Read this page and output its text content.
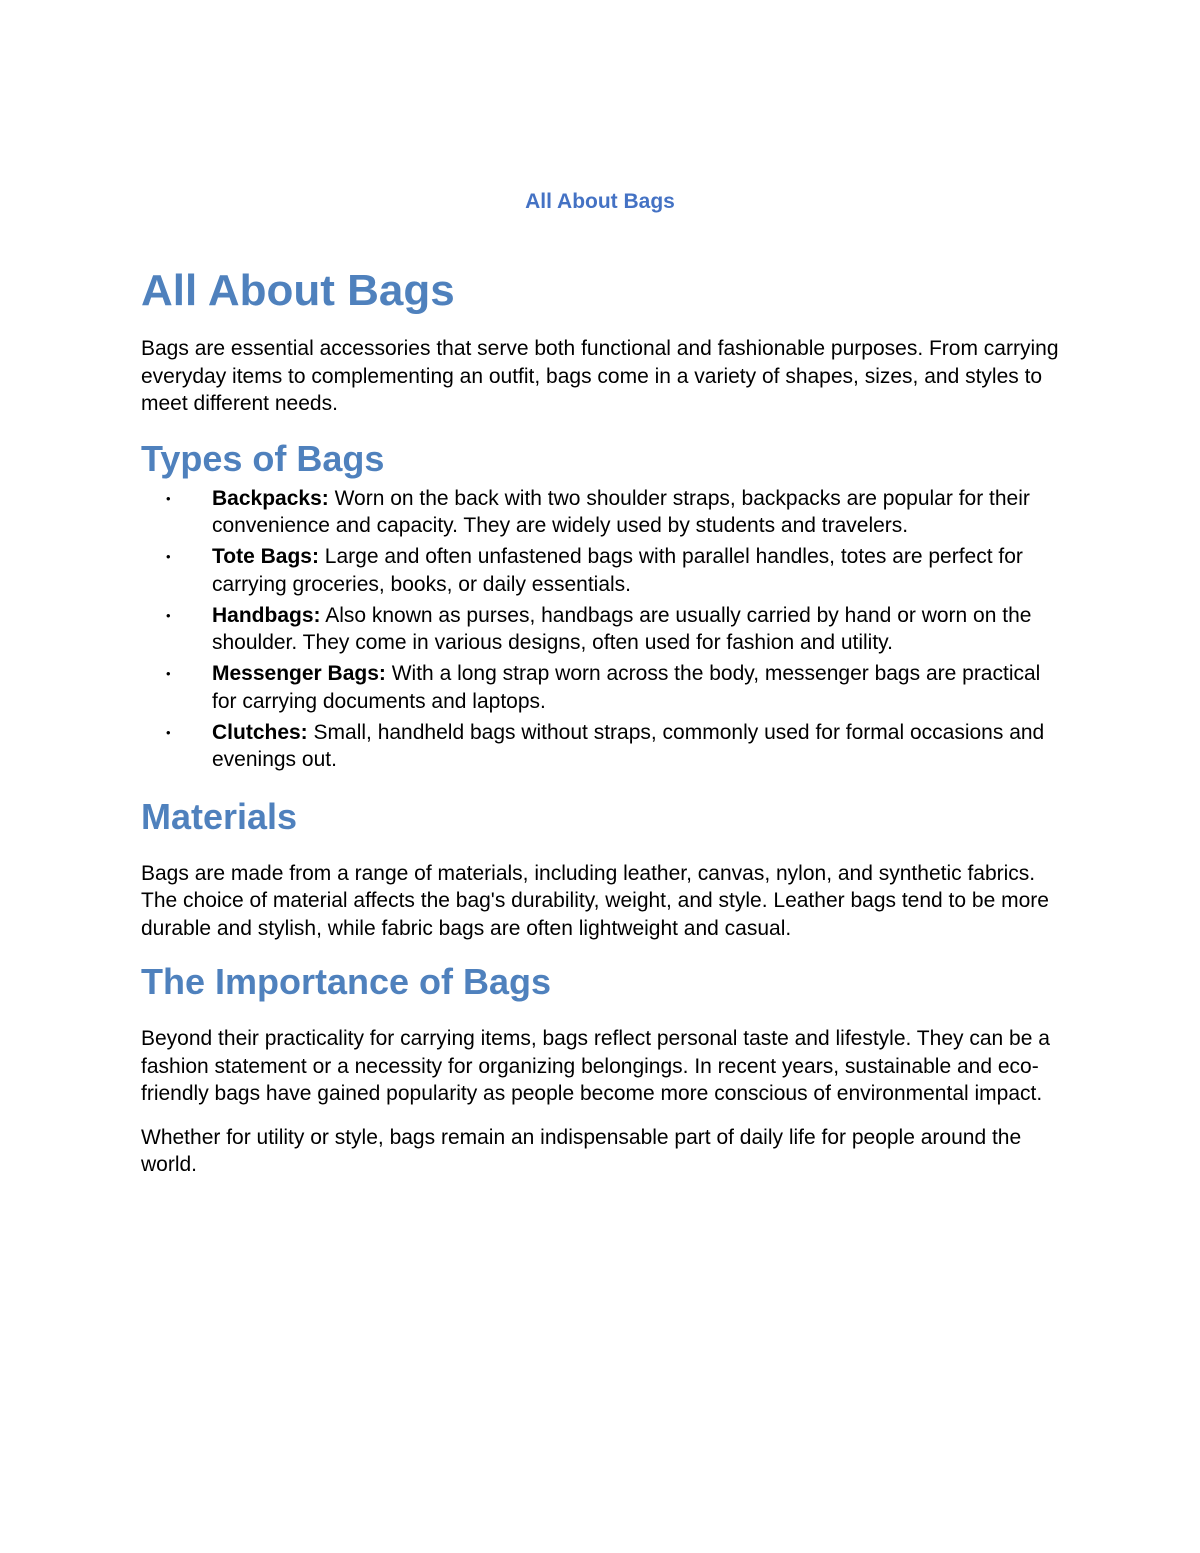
All About Bags
All About Bags

Bags are essential accessories that serve both functional and fashionable purposes. From carrying everyday items to complementing an outfit, bags come in a variety of shapes, sizes, and styles to meet different needs.

Types of Bags
• Backpacks: Worn on the back with two shoulder straps, backpacks are popular for their convenience and capacity. They are widely used by students and travelers.
• Tote Bags: Large and often unfastened bags with parallel handles, totes are perfect for carrying groceries, books, or daily essentials.
• Handbags: Also known as purses, handbags are usually carried by hand or worn on the shoulder. They come in various designs, often used for fashion and utility.
• Messenger Bags: With a long strap worn across the body, messenger bags are practical for carrying documents and laptops.
• Clutches: Small, handheld bags without straps, commonly used for formal occasions and evenings out.
Materials

Bags are made from a range of materials, including leather, canvas, nylon, and synthetic fabrics. The choice of material affects the bag's durability, weight, and style. Leather bags tend to be more durable and stylish, while fabric bags are often lightweight and casual.

The Importance of Bags

Beyond their practicality for carrying items, bags reflect personal taste and lifestyle. They can be a fashion statement or a necessity for organizing belongings. In recent years, sustainable and eco-friendly bags have gained popularity as people become more conscious of environmental impact.

Whether for utility or style, bags remain an indispensable part of daily life for people around the world.
